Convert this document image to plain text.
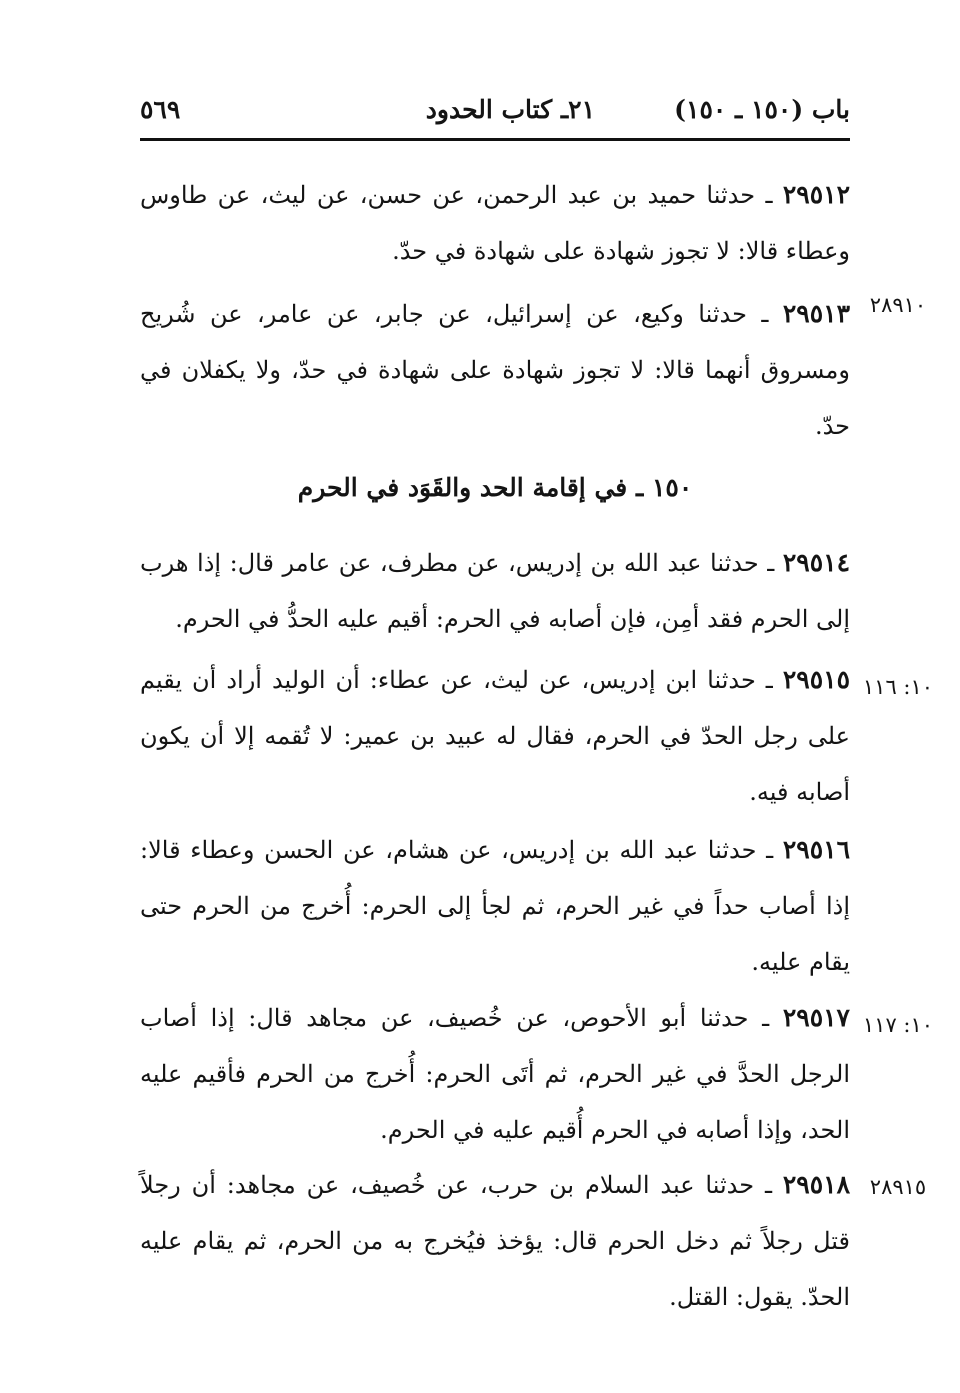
باب (١٥٠ ـ ١٥٠)
٢١ـ كتاب الحدود
٥٦٩
٢٩٥١٢ ـ حدثنا حميد بن عبد الرحمن، عن حسن، عن ليث، عن طاوس وعطاء قالا: لا تجوز شهادة على شهادة في حدّ.
٢٨٩١٠
٢٩٥١٣ ـ حدثنا وكيع، عن إسرائيل، عن جابر، عن عامر، عن شُريح ومسروق أنهما قالا: لا تجوز شهادة على شهادة في حدّ، ولا يكفلان في حدّ.
١٥٠ ـ في إقامة الحد والقَوَد في الحرم
٢٩٥١٤ ـ حدثنا عبد الله بن إدريس، عن مطرف، عن عامر قال: إذا هرب إلى الحرم فقد أمِن، فإن أصابه في الحرم: أقيم عليه الحدُّ في الحرم.
١٠: ١١٦
٢٩٥١٥ ـ حدثنا ابن إدريس، عن ليث، عن عطاء: أن الوليد أراد أن يقيم على رجل الحدّ في الحرم، فقال له عبيد بن عمير: لا تُقمه إلا أن يكون أصابه فيه.
٢٩٥١٦ ـ حدثنا عبد الله بن إدريس، عن هشام، عن الحسن وعطاء قالا: إذا أصاب حداً في غير الحرم، ثم لجأ إلى الحرم: أُخرج من الحرم حتى يقام عليه.
١٠: ١١٧
٢٩٥١٧ ـ حدثنا أبو الأحوص، عن خُصيف، عن مجاهد قال: إذا أصاب الرجل الحدَّ في غير الحرم، ثم أتَى الحرم: أُخرج من الحرم فأقيم عليه الحد، وإذا أصابه في الحرم أُقيم عليه في الحرم.
٢٨٩١٥
٢٩٥١٨ ـ حدثنا عبد السلام بن حرب، عن خُصيف، عن مجاهد: أن رجلاً قتل رجلاً ثم دخل الحرم قال: يؤخذ فيُخرج به من الحرم، ثم يقام عليه الحدّ. يقول: القتل.
